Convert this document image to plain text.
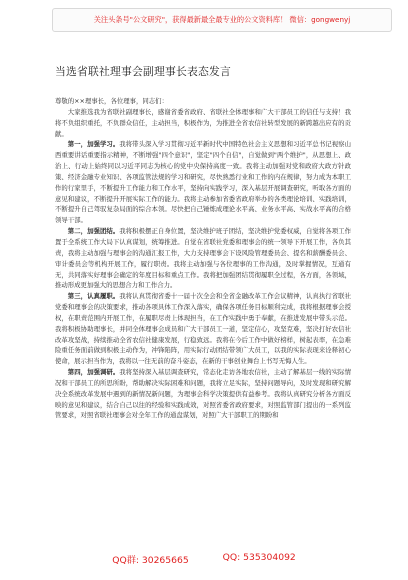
关注头条号"公文研究"，获得最新最全最专业的公文资料库！ 微信：gongwenyj
当选省联社理事会副理事长表态发言

尊敬的××理事长，各位理事，同志们：

大家推选我为省联社副理事长，感谢省委省政府、省联社全体理事和广大干部员工的信任与支持！我将不负组织重托，不负群众信任，主动担当，积极作为，为推进全省农信社转型发展的新跨越出应有的贡献。

第一，加强学习。我将带头深入学习贯彻习近平新时代中国特色社会主义思想和习近平总书记视察山西重要讲话重要指示精神，不断增强"四个意识"，坚定"四个自信"，自觉做到"两个维护"，从思想上、政治上、行动上始终同以习近平同志为核心的党中央保持高度一致。我将主动加强对党和政府大政方针政策、经济金融专业知识、各项监管法规的学习和研究，尽快熟悉行业和工作的内在规律，努力成为本职工作的行家里手，不断提升工作能力和工作水平，坚持向实践学习，深入基层开展调查研究，听取各方面的意见和建议，不断提升开展实际工作的能力。我将主动参加省委省政府举办的各类理论培训、实践培训，不断提升自己驾驭复杂局面的综合本领。尽快把自己锤炼成理论水平高、业务水平高、实战水平高的合格领导干部。

第二，加强团结。我将积极摆正自身位置，坚决维护班子团结，坚决维护党委权威，自觉将各项工作置于全系统工作大局下认真谋划，统筹推进。自觉在省联社党委和理事会的统一领导下开展工作，各负其责，我将主动加强与理事会的沟通汇报工作，大力支持理事会下设风险管理委员会、提名和薪酬委员会、审计委员会等机构开展工作，履行职责。我将主动加强与各位理事的工作沟通，及时掌握情况，互通有无，共同落实好理事会确定的年度目标和重点工作。我将把加强团结贯彻履职全过程，各方面，各领域，推动形成更加强大的思想合力和工作合力。

第三，认真履职。我将认真贯彻省委十一届十次全会和全省金融改革工作会议精神，认真执行省联社党委和理事会的决策要求，推动各项具体工作深入落实，确保各项任务目标顺利完成，我将根据理事会授权，在职责范围内开展工作，在履职尽责上体现担当，在工作实践中勇于奉献，在推进发展中带头示范。我将积极协助理事长，并同全体理事会成员和广大干部员工一道，坚定信心，攻坚克难，坚决打好农信社改革攻坚战，持续推动全省农信社健康发展，行稳致远。我将在今后工作中做好榜样，树起表率，在急难险重任务面前做到积极主动作为，冲锋陷阵，用实际行动团结带领广大员工，以我的实际表现来诠释初心使命，展示担当作为，我将以一往无前的奋斗姿态，在新的干事创业舞台上书写无悔人生。

第四，加强调研。我将坚持深入基层调查研究，常态化走访各地农信社，主动了解基层一线的实际情况和干部员工的所思所盼，帮助解决实际困难和问题，我将立足实际，坚持问题导向，及时发现和研究解决全系统改革发展中遇到的新情况新问题，为理事会科学决策提供有益参考。我将认真研究分析各方面反映的意见和建议，结合自己以往的经验和实践成效，对照省委省政府要求，对照监管部门提出的一系列监管要求，对照省联社理事会对全年工作的通盘谋划，对照广大干部职工的期盼和

QQ群: 30265665	QQ: 535304092
